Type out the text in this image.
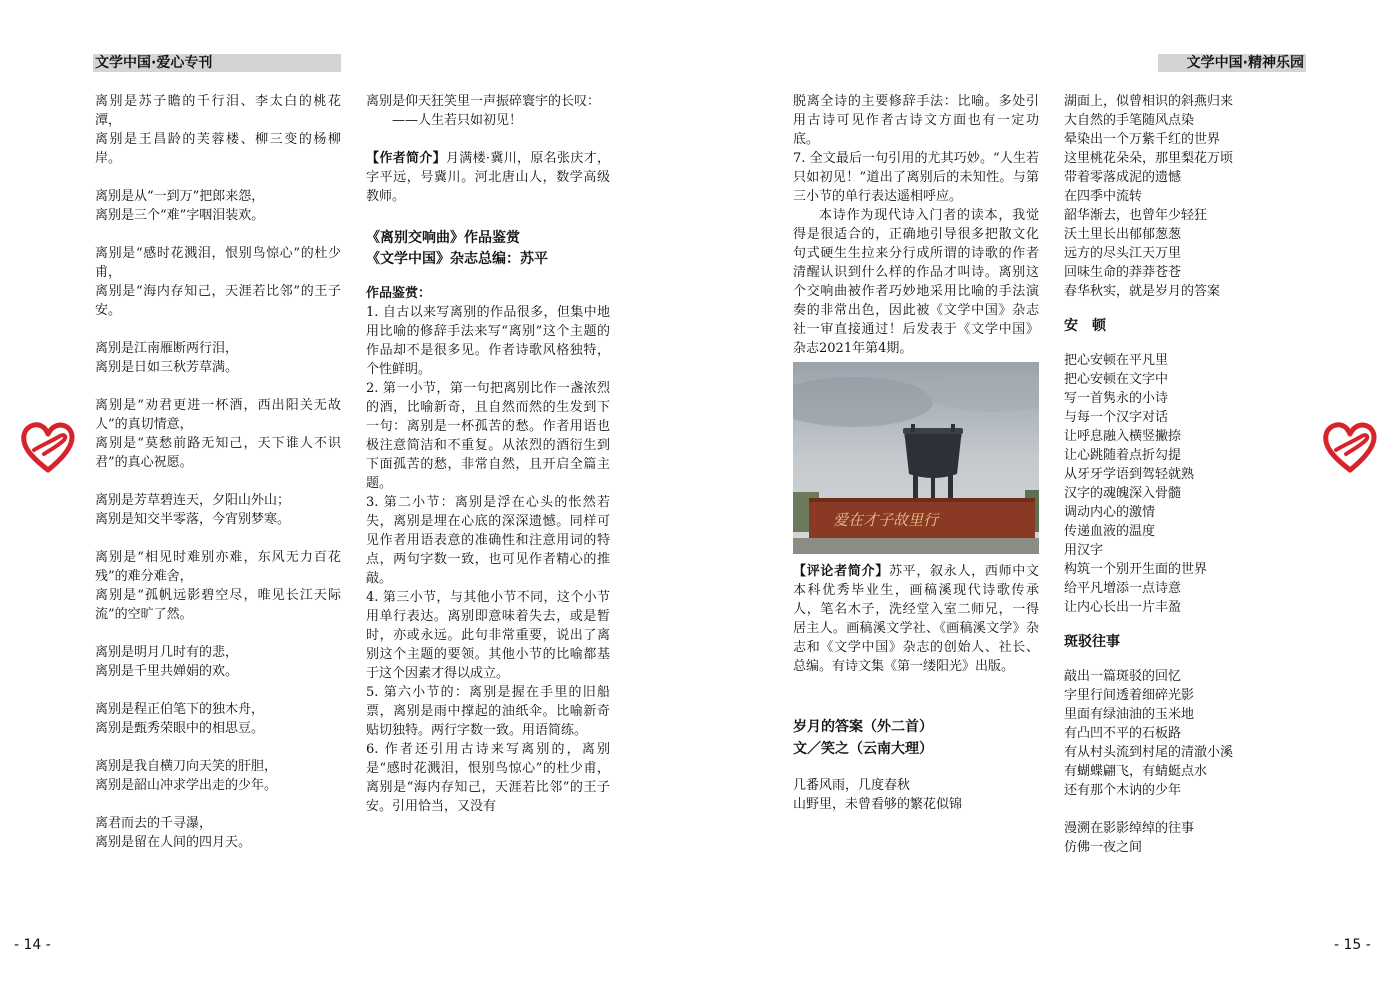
文学中国·爱心专刊	文学中国·精神乐园

离别是苏子瞻的千行泪、李太白的桃花潭，

离别是王昌龄的芙蓉楼、柳三变的杨柳岸。

离别是从“一到万”把郎来怨，

离别是三个“难”字咽泪装欢。

离别是“感时花溅泪，恨别鸟惊心”的杜少甫，

离别是“海内存知己，天涯若比邻”的王子安。

离别是江南雁断两行泪，

离别是日如三秋芳草满。

离别是“劝君更进一杯酒，西出阳关无故人”的真切情意，

离别是“莫愁前路无知己，天下谁人不识君”的真心祝愿。

离别是芳草碧连天，夕阳山外山；

离别是知交半零落，今宵别梦寒。

离别是“相见时难别亦难，东风无力百花残”的难分难舍，

离别是“孤帆远影碧空尽，唯见长江天际流”的空旷了然。

离别是明月几时有的悲，

离别是千里共婵娟的欢。

离别是程正伯笔下的独木舟，

离别是甄秀荣眼中的相思豆。

离别是我自横刀向天笑的肝胆，

离别是韶山冲求学出走的少年。

离君而去的千寻瀑，

离别是留在人间的四月天。

离别是仰天狂笑里一声振碎寰宇的长叹：

——人生若只如初见！

【作者简介】月满楼·冀川，原名张庆才，字平远，号冀川。河北唐山人，数学高级教师。

《离别交响曲》作品鉴赏

《文学中国》杂志总编：苏平

作品鉴赏：

1. 自古以来写离别的作品很多，但集中地用比喻的修辞手法来写“离别”这个主题的作品却不是很多见。作者诗歌风格独特，个性鲜明。

2. 第一小节，第一句把离别比作一盏浓烈的酒，比喻新奇，且自然而然的生发到下一句：离别是一杯孤苦的愁。作者用语也极注意简洁和不重复。从浓烈的酒衍生到下面孤苦的愁，非常自然，且开启全篇主题。

3. 第二小节：离别是浮在心头的怅然若失，离别是埋在心底的深深遗憾。同样可见作者用语表意的准确性和注意用词的特点，两句字数一致，也可见作者精心的推敲。

4. 第三小节，与其他小节不同，这个小节用单行表达。离别即意味着失去，或是暂时，亦或永远。此句非常重要，说出了离别这个主题的要领。其他小节的比喻都基于这个因素才得以成立。

5. 第六小节的：离别是握在手里的旧船票，离别是雨中撑起的油纸伞。比喻新奇贴切独特。两行字数一致。用语简练。

6. 作者还引用古诗来写离别的，离别是“感时花溅泪，恨别鸟惊心”的杜少甫，离别是“海内存知己，天涯若比邻”的王子安。引用恰当，又没有

脱离全诗的主要修辞手法：比喻。多处引用古诗可见作者古诗文方面也有一定功底。

7. 全文最后一句引用的尤其巧妙。“人生若只如初见！”道出了离别后的未知性。与第三小节的单行表达遥相呼应。

本诗作为现代诗入门者的读本，我觉得是很适合的，正确地引导很多把散文化句式硬生生拉来分行成所谓的诗歌的作者清醒认识到什么样的作品才叫诗。离别这个交响曲被作者巧妙地采用比喻的手法演奏的非常出色，因此被《文学中国》杂志社一审直接通过！后发表于《文学中国》杂志2021年第4期。

爱在才子故里行

【评论者简介】苏平，叙永人，西师中文本科优秀毕业生，画稿溪现代诗歌传承人，笔名木子，洗经堂入室二师兄，一得居主人。画稿溪文学社、《画稿溪文学》杂志和《文学中国》杂志的创始人、社长、总编。有诗文集《第一缕阳光》出版。

岁月的答案（外二首）

文／笑之（云南大理）

几番风雨，几度春秋

山野里，未曾看够的繁花似锦

湖面上，似曾相识的斜燕归来

大自然的手笔随风点染

晕染出一个万紫千红的世界

这里桃花朵朵，那里梨花万顷

带着零落成泥的遗憾

在四季中流转

韶华渐去，也曾年少轻狂

沃土里长出郁郁葱葱

远方的尽头江天万里

回味生命的莽莽苍苍

春华秋实，就是岁月的答案

安　顿

把心安顿在平凡里

把心安顿在文字中

写一首隽永的小诗

与每一个汉字对话

让呼息融入横竖撇捺

让心跳随着点折勾提

从牙牙学语到驾轻就熟

汉字的魂魄深入骨髓

调动内心的激情

传递血液的温度

用汉字

构筑一个别开生面的世界

给平凡增添一点诗意

让内心长出一片丰盈

斑驳往事

敲出一篇斑驳的回忆

字里行间透着细碎光影

里面有绿油油的玉米地

有凸凹不平的石板路

有从村头流到村尾的清澈小溪

有蝴蝶翩飞，有蜻蜓点水

还有那个木讷的少年

漫溯在影影绰绰的往事

仿佛一夜之间

- 14 -	- 15 -
